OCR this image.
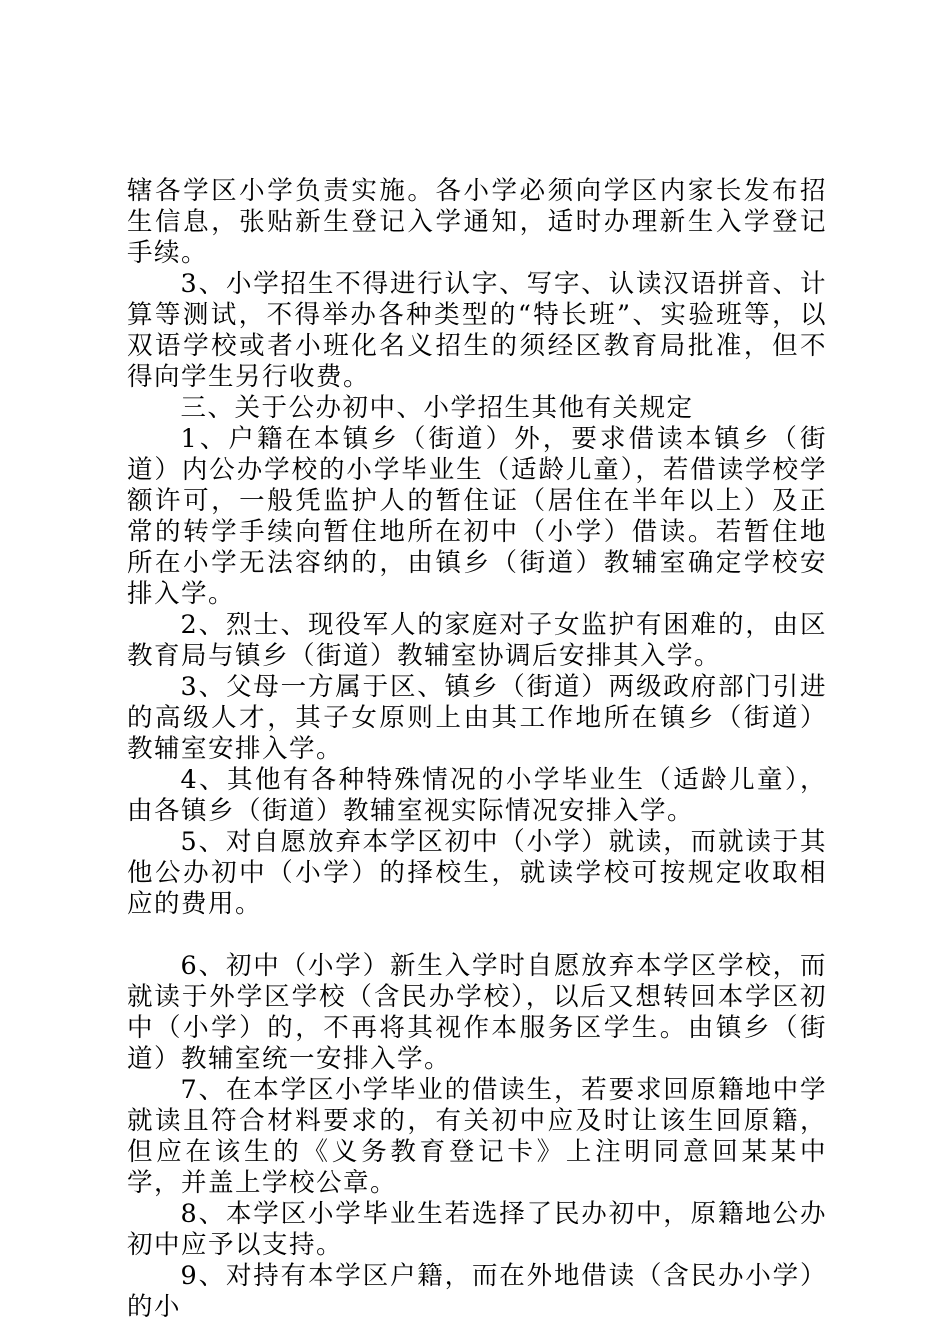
辖各学区小学负责实施。各小学必须向学区内家长发布招生信息，张贴新生登记入学通知，适时办理新生入学登记手续。

3、小学招生不得进行认字、写字、认读汉语拼音、计算等测试，不得举办各种类型的“特长班”、实验班等，以双语学校或者小班化名义招生的须经区教育局批准，但不得向学生另行收费。

三、关于公办初中、小学招生其他有关规定

1、户籍在本镇乡（街道）外，要求借读本镇乡（街道）内公办学校的小学毕业生（适龄儿童），若借读学校学额许可，一般凭监护人的暂住证（居住在半年以上）及正常的转学手续向暂住地所在初中（小学）借读。若暂住地所在小学无法容纳的，由镇乡（街道）教辅室确定学校安排入学。

2、烈士、现役军人的家庭对子女监护有困难的，由区教育局与镇乡（街道）教辅室协调后安排其入学。

3、父母一方属于区、镇乡（街道）两级政府部门引进的高级人才，其子女原则上由其工作地所在镇乡（街道）教辅室安排入学。

4、其他有各种特殊情况的小学毕业生（适龄儿童），由各镇乡（街道）教辅室视实际情况安排入学。

5、对自愿放弃本学区初中（小学）就读，而就读于其他公办初中（小学）的择校生，就读学校可按规定收取相应的费用。

6、初中（小学）新生入学时自愿放弃本学区学校，而就读于外学区学校（含民办学校），以后又想转回本学区初中（小学）的，不再将其视作本服务区学生。由镇乡（街道）教辅室统一安排入学。

7、在本学区小学毕业的借读生，若要求回原籍地中学就读且符合材料要求的，有关初中应及时让该生回原籍，但应在该生的《义务教育登记卡》上注明同意回某某中学，并盖上学校公章。

8、本学区小学毕业生若选择了民办初中，原籍地公办初中应予以支持。

9、对持有本学区户籍，而在外地借读（含民办小学）的小
